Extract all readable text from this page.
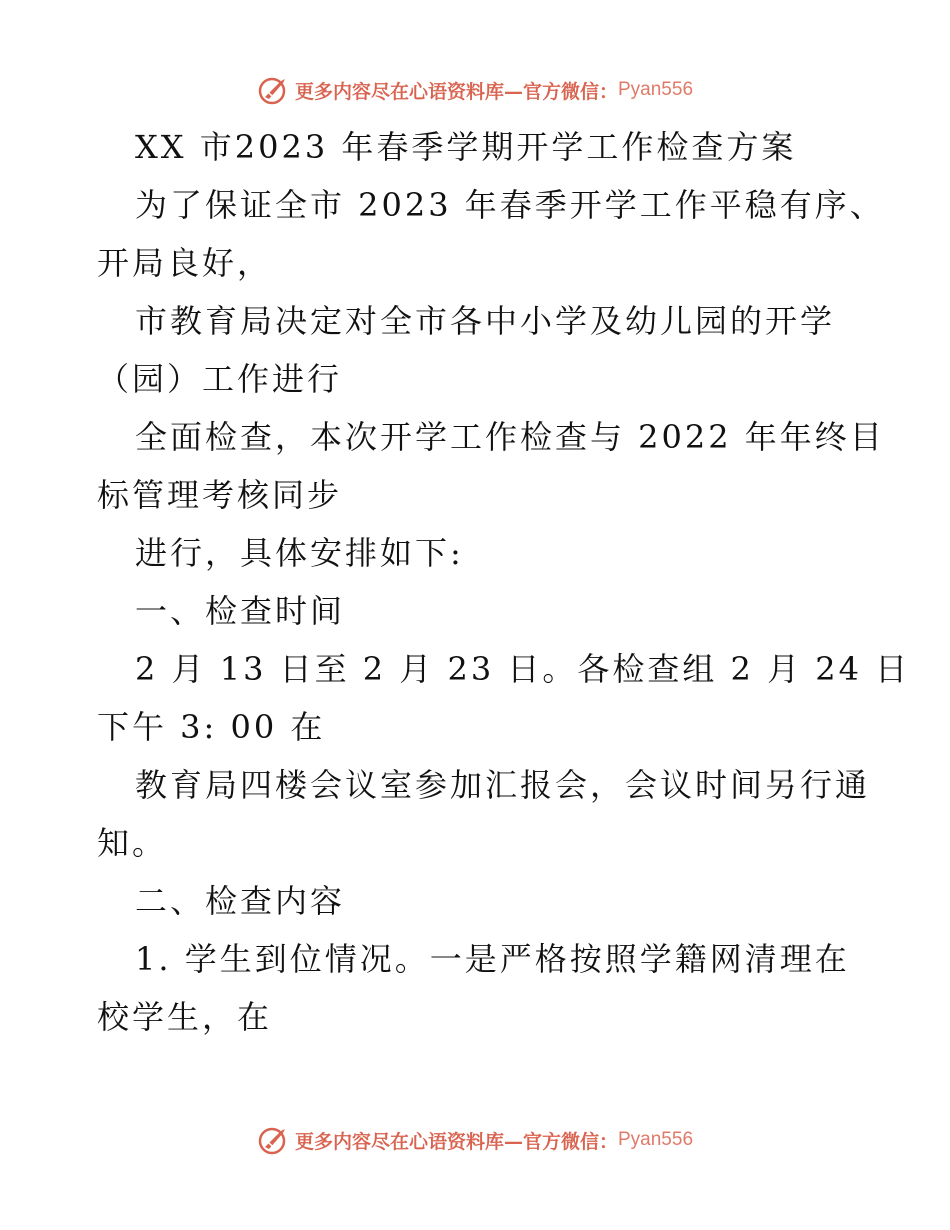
更多内容尽在心语资料库—官方微信： Pyan556
XX 市2023 年春季学期开学工作检查方案
为了保证全市 2023 年春季开学工作平稳有序、
开局良好，
市教育局决定对全市各中小学及幼儿园的开学
（园）工作进行
全面检查，本次开学工作检查与 2022 年年终目
标管理考核同步
进行，具体安排如下:
一、检查时间
2 月 13 日至 2 月 23 日。各检查组 2 月 24 日
下午 3: 00 在
教育局四楼会议室参加汇报会，会议时间另行通
知。
二、检查内容
1. 学生到位情况。一是严格按照学籍网清理在
校学生，在
更多内容尽在心语资料库—官方微信： Pyan556
